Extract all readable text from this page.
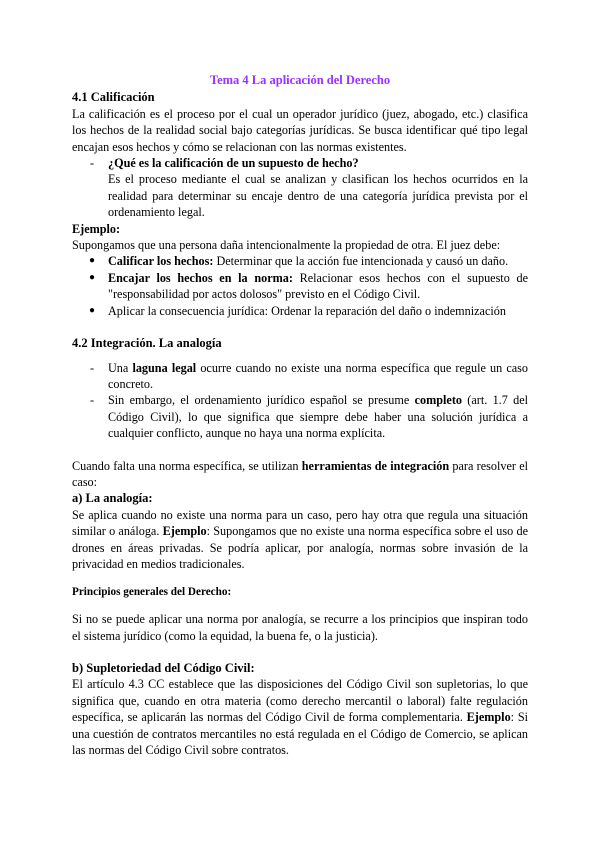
Tema 4 La aplicación del Derecho

4.1 Calificación

La calificación es el proceso por el cual un operador jurídico (juez, abogado, etc.) clasifica los hechos de la realidad social bajo categorías jurídicas. Se busca identificar qué tipo legal encajan esos hechos y cómo se relacionan con las normas existentes.

- ¿Qué es la calificación de un supuesto de hecho?
Es el proceso mediante el cual se analizan y clasifican los hechos ocurridos en la realidad para determinar su encaje dentro de una categoría jurídica prevista por el ordenamiento legal.

Ejemplo:

Supongamos que una persona daña intencionalmente la propiedad de otra. El juez debe:

● Calificar los hechos: Determinar que la acción fue intencionada y causó un daño.
● Encajar los hechos en la norma: Relacionar esos hechos con el supuesto de "responsabilidad por actos dolosos" previsto en el Código Civil.
● Aplicar la consecuencia jurídica: Ordenar la reparación del daño o indemnización

4.2 Integración. La analogía

- Una laguna legal ocurre cuando no existe una norma específica que regule un caso concreto.
- Sin embargo, el ordenamiento jurídico español se presume completo (art. 1.7 del Código Civil), lo que significa que siempre debe haber una solución jurídica a cualquier conflicto, aunque no haya una norma explícita.

Cuando falta una norma específica, se utilizan herramientas de integración para resolver el caso:

a) La analogía:

Se aplica cuando no existe una norma para un caso, pero hay otra que regula una situación similar o análoga. Ejemplo: Supongamos que no existe una norma específica sobre el uso de drones en áreas privadas. Se podría aplicar, por analogía, normas sobre invasión de la privacidad en medios tradicionales.

Principios generales del Derecho:

Si no se puede aplicar una norma por analogía, se recurre a los principios que inspiran todo el sistema jurídico (como la equidad, la buena fe, o la justicia).

b) Supletoriedad del Código Civil:

El artículo 4.3 CC establece que las disposiciones del Código Civil son supletorias, lo que significa que, cuando en otra materia (como derecho mercantil o laboral) falte regulación específica, se aplicarán las normas del Código Civil de forma complementaria. Ejemplo: Si una cuestión de contratos mercantiles no está regulada en el Código de Comercio, se aplican las normas del Código Civil sobre contratos.
